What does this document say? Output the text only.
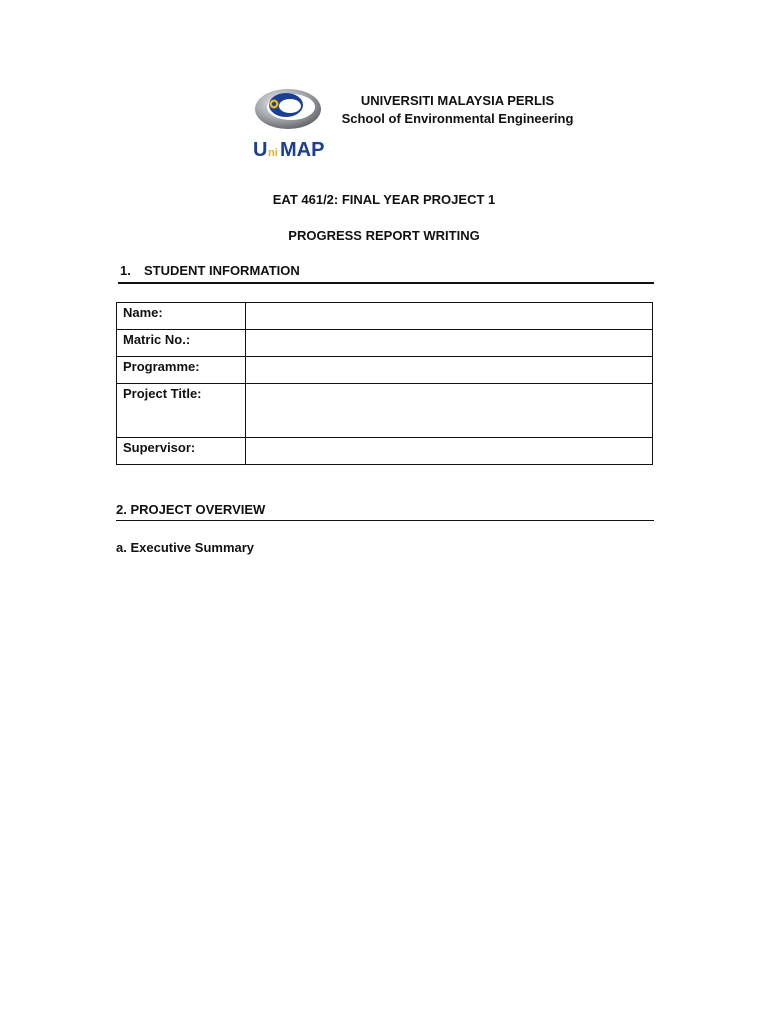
U ni MAP
UNIVERSITI MALAYSIA PERLIS
School of Environmental Engineering
EAT 461/2: FINAL YEAR PROJECT 1
PROGRESS REPORT WRITING
1. STUDENT INFORMATION
Name:	
Matric No.:	
Programme:	
Project Title:	
Supervisor:	
2. PROJECT OVERVIEW
a. Executive Summary
